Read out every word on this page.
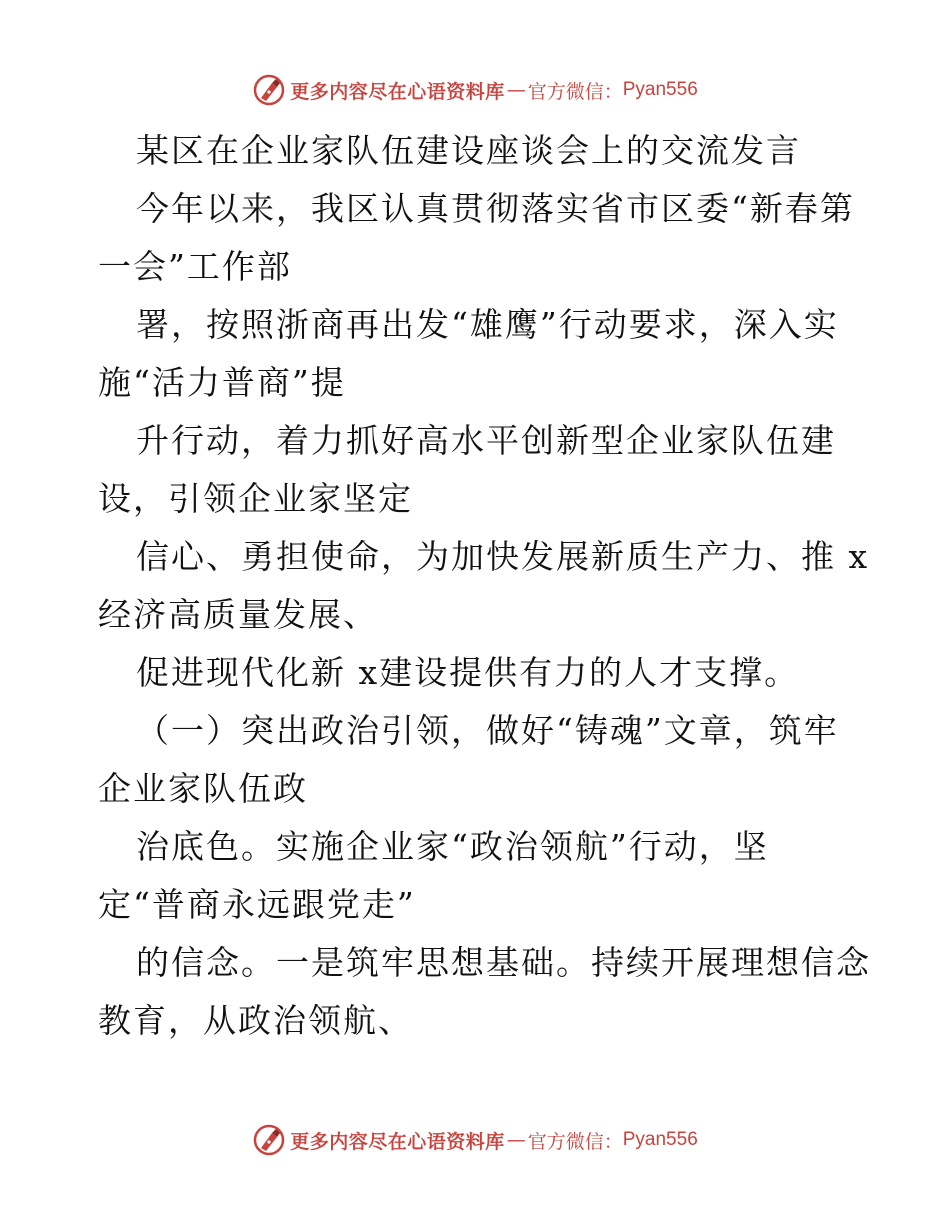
更多内容尽在心语资料库 — 官方微信： Pyan556
某区在企业家队伍建设座谈会上的交流发言
今年以来，我区认真贯彻落实省市区委“新春第
一会”工作部
署，按照浙商再出发“雄鹰”行动要求，深入实
施“活力普商”提
升行动，着力抓好高水平创新型企业家队伍建
设，引领企业家坚定
信心、勇担使命，为加快发展新质生产力、推 x
经济高质量发展、
促进现代化新 x建设提供有力的人才支撑。
（一）突出政治引领，做好“铸魂”文章，筑牢
企业家队伍政
治底色。实施企业家“政治领航”行动，坚
定“普商永远跟党走”
的信念。一是筑牢思想基础。持续开展理想信念
教育，从政治领航、
更多内容尽在心语资料库 — 官方微信： Pyan556
